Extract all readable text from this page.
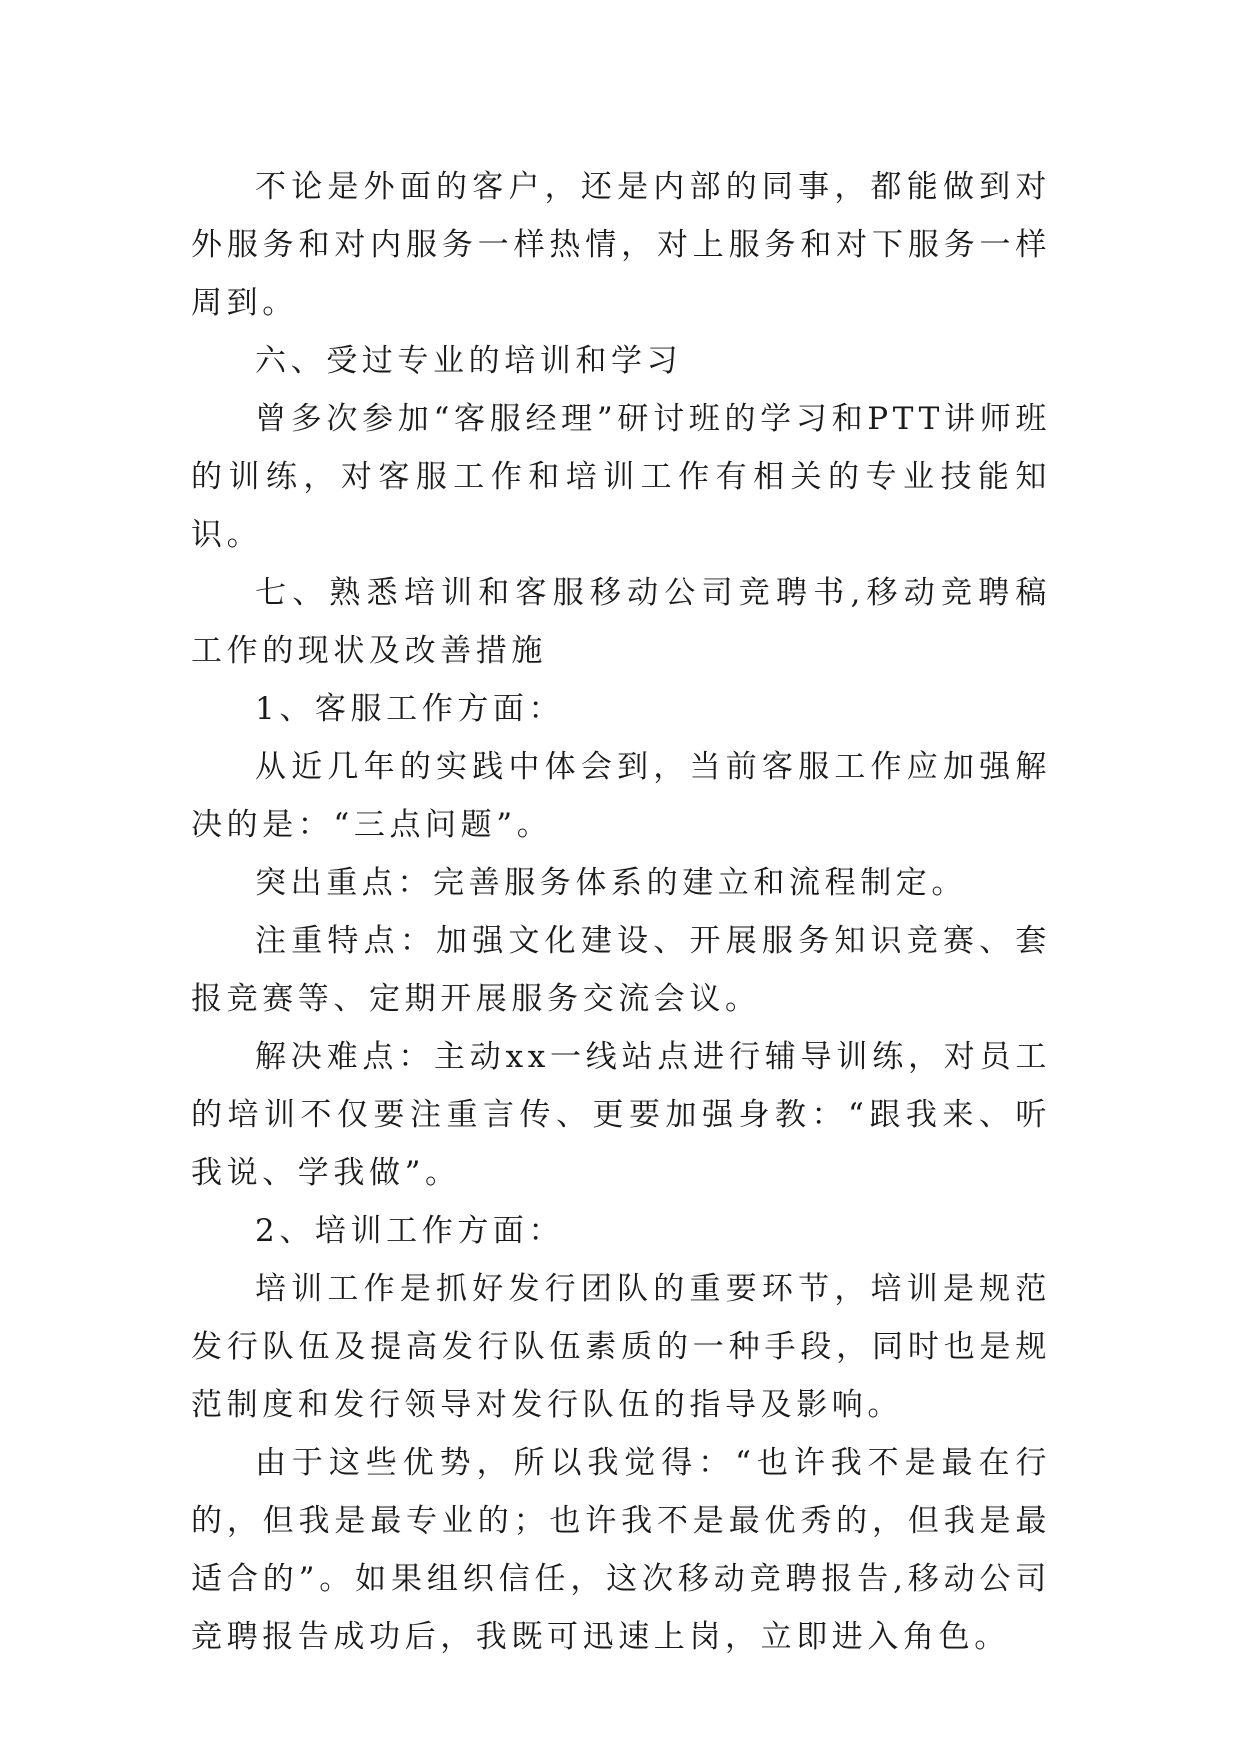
不论是外面的客户，还是内部的同事，都能做到对外服务和对内服务一样热情，对上服务和对下服务一样周到。

六、受过专业的培训和学习

曾多次参加“客服经理”研讨班的学习和PTT讲师班的训练，对客服工作和培训工作有相关的专业技能知识。

七、熟悉培训和客服移动公司竞聘书,移动竞聘稿工作的现状及改善措施

1、客服工作方面：

从近几年的实践中体会到，当前客服工作应加强解决的是：“三点问题”。

突出重点：完善服务体系的建立和流程制定。

注重特点：加强文化建设、开展服务知识竞赛、套报竞赛等、定期开展服务交流会议。

解决难点：主动xx一线站点进行辅导训练，对员工的培训不仅要注重言传、更要加强身教：“跟我来、听我说、学我做”。

2、培训工作方面：

培训工作是抓好发行团队的重要环节，培训是规范发行队伍及提高发行队伍素质的一种手段，同时也是规范制度和发行领导对发行队伍的指导及影响。

由于这些优势，所以我觉得：“也许我不是最在行的，但我是最专业的；也许我不是最优秀的，但我是最适合的”。如果组织信任，这次移动竞聘报告,移动公司竞聘报告成功后，我既可迅速上岗，立即进入角色。
